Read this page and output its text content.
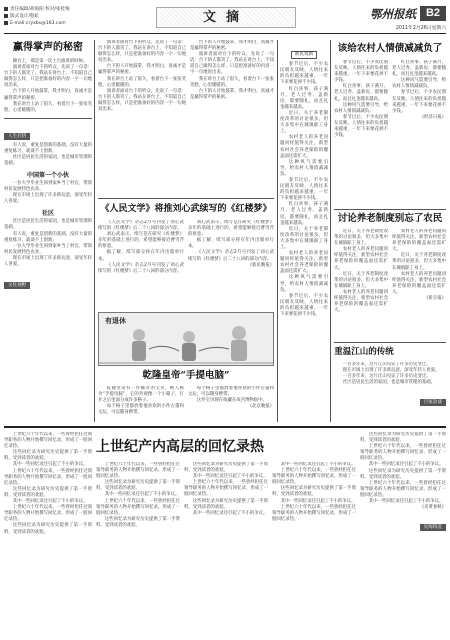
责任编辑/胡海阳 校对/张桂梅
版式设计/殷虹
E-mail:cryxbs@163.com	文摘	鄂州报纸 B2
2011年2月26日星期六
赢得掌声的秘密

舞台上，那是第一次上台演讲的时候。

演讲者面对台下的听众，先说了一句话：台下的人都笑了。我站在讲台上，不知道自己做得怎么样，只是把准备好的内容一字一句地说出来。

台下的人开始鼓掌，我才明白，真诚才是赢得掌声的秘密。

我在讲台上站了很久，看着台下一张张笑脸，心里暖暖的。

人生启悟

有人说，重复是创新的基础，没有大量的重复练习，就谈不上创新。

社区是居民生活的家园，也是城市管理的基础。

中国第一个小伙

一位大学毕业生回到家乡当了村官，带领村民发展特色农业。

现在市场上出现了许多新玩意，深受年轻人喜爱。

社区

社区是居民生活的家园，也是城市管理的基础。

有人说，重复是创新的基础，没有大量的重复练习，就谈不上创新。

一位大学毕业生回到家乡当了村官，带领村民发展特色农业。

现在市场上出现了许多新玩意，深受年轻人喜爱。

文化视野

演讲者面对台下的听众，先说了一句话：台下的人都笑了。我站在讲台上，不知道自己做得怎么样，只是把准备好的内容一字一句地说出来。

台下的人开始鼓掌，我才明白，真诚才是赢得掌声的秘密。

我在讲台上站了很久，看着台下一张张笑脸，心里暖暖的。

演讲者面对台下的听众，先说了一句话：台下的人都笑了。我站在讲台上，不知道自己做得怎么样，只是把准备好的内容一字一句地说出来。

台下的人开始鼓掌，我才明白，真诚才是赢得掌声的秘密。

演讲者面对台下的听众，先说了一句话：台下的人都笑了。我站在讲台上，不知道自己做得怎么样，只是把准备好的内容一字一句地说出来。

我在讲台上站了很久，看着台下一张张笑脸，心里暖暖的。

台下的人开始鼓掌，我才明白，真诚才是赢得掌声的秘密。

《人民文学》将推刘心武续写的《红楼梦》

《人民文学》杂志2月号刊发了刘心武续写的《红楼梦》后二十八回的部分内容。

刘心武表示，续写是在研究《红楼梦》多年的基础上进行的，希望能够接近曹雪芹的原意。

据了解，续写部分将在年内出版单行本。

《人民文学》杂志2月号刊发了刘心武续写的《红楼梦》后二十八回的部分内容。

刘心武表示，续写是在研究《红楼梦》多年的基础上进行的，希望能够接近曹雪芹的原意。

据了解，续写部分将在年内出版单行本。

《人民文学》杂志2月号刊发了刘心武续写的《红楼梦》后二十八回的部分内容。

《新民晚报》

有退休
乾隆皇帝“手提电脑”

乾隆皇帝有一件稀奇的宝贝，被人称为“手提电脑”，它的外观像一个小箱子，打开之后里面分成许多格子。

每个格子里都放着他喜欢的小件古董和文玩，可以随身携带。

每个格子里都放着他喜欢的小件古董和文玩，可以随身携带。

这件宝贝现在收藏在故宫博物院中。

《北京晚报》

新民说新

春节过后，不少农民朋友反映，人情往来的负担越来越重，一年下来要花掉不少钱。

红白喜事、孩子满月、老人过寿、盖新房，都要随礼，而且礼金越来越高。

近日，关于养老制度改革的讨论很多，但大多集中在城镇职工身上。

农村老人的养老问题同样值得关注，新型农村社会养老保险的覆盖面还需扩大。

这种风气需要引导，给农村人情债减减负。

春节过后，不少农民朋友反映，人情往来的负担越来越重，一年下来要花掉不少钱。

红白喜事、孩子满月、老人过寿、盖新房，都要随礼，而且礼金越来越高。

近日，关于养老制度改革的讨论很多，但大多集中在城镇职工身上。

农村老人的养老问题同样值得关注，新型农村社会养老保险的覆盖面还需扩大。

这种风气需要引导，给农村人情债减减负。

春节过后，不少农民朋友反映，人情往来的负担越来越重，一年下来要花掉不少钱。

该给农村人情债减减负了

春节过后，不少农民朋友反映，人情往来的负担越来越重，一年下来要花掉不少钱。

红白喜事、孩子满月、老人过寿、盖新房，都要随礼，而且礼金越来越高。

这种风气需要引导，给农村人情债减减负。

春节过后，不少农民朋友反映，人情往来的负担越来越重，一年下来要花掉不少钱。

红白喜事、孩子满月、老人过寿、盖新房，都要随礼，而且礼金越来越高。

这种风气需要引导，给农村人情债减减负。

春节过后，不少农民朋友反映，人情往来的负担越来越重，一年下来要花掉不少钱。

《经济日报》

讨论养老制度别忘了农民

近日，关于养老制度改革的讨论很多，但大多集中在城镇职工身上。

农村老人的养老问题同样值得关注，新型农村社会养老保险的覆盖面还需扩大。

近日，关于养老制度改革的讨论很多，但大多集中在城镇职工身上。

农村老人的养老问题同样值得关注，新型农村社会养老保险的覆盖面还需扩大。

农村老人的养老问题同样值得关注，新型农村社会养老保险的覆盖面还需扩大。

近日，关于养老制度改革的讨论很多，但大多集中在城镇职工身上。

农村老人的养老问题同样值得关注，新型农村社会养老保险的覆盖面还需扩大。

《新京报》

重温江山的传统

一百多年来，这片江山见证了许多历史变迁。

现在市场上出现了许多新玩意，深受年轻人喜爱。

一百多年来，这片江山见证了许多历史变迁。

社区是居民生活的家园，也是城市管理的基础。

百家杂谈

上世纪六十年代以来，一些曾经担任过领导职务的人物开始撰写回忆录，形成了一股回忆录热。

这些回忆录为研究历史提供了第一手资料，受到读者的欢迎。

其中一些回忆录还引起了不小的争议。

上世纪六十年代以来，一些曾经担任过领导职务的人物开始撰写回忆录，形成了一股回忆录热。

这些回忆录为研究历史提供了第一手资料，受到读者的欢迎。

其中一些回忆录还引起了不小的争议。

上世纪六十年代以来，一些曾经担任过领导职务的人物开始撰写回忆录，形成了一股回忆录热。

这些回忆录为研究历史提供了第一手资料，受到读者的欢迎。

上世纪产内高层的回忆录热

上世纪六十年代以来，一些曾经担任过领导职务的人物开始撰写回忆录，形成了一股回忆录热。

这些回忆录为研究历史提供了第一手资料，受到读者的欢迎。

其中一些回忆录还引起了不小的争议。

上世纪六十年代以来，一些曾经担任过领导职务的人物开始撰写回忆录，形成了一股回忆录热。

这些回忆录为研究历史提供了第一手资料，受到读者的欢迎。

这些回忆录为研究历史提供了第一手资料，受到读者的欢迎。

其中一些回忆录还引起了不小的争议。

上世纪六十年代以来，一些曾经担任过领导职务的人物开始撰写回忆录，形成了一股回忆录热。

这些回忆录为研究历史提供了第一手资料，受到读者的欢迎。

其中一些回忆录还引起了不小的争议。

其中一些回忆录还引起了不小的争议。

上世纪六十年代以来，一些曾经担任过领导职务的人物开始撰写回忆录，形成了一股回忆录热。

这些回忆录为研究历史提供了第一手资料，受到读者的欢迎。

其中一些回忆录还引起了不小的争议。

上世纪六十年代以来，一些曾经担任过领导职务的人物开始撰写回忆录，形成了一股回忆录热。

这些回忆录为研究历史提供了第一手资料，受到读者的欢迎。

上世纪六十年代以来，一些曾经担任过领导职务的人物开始撰写回忆录，形成了一股回忆录热。

其中一些回忆录还引起了不小的争议。

这些回忆录为研究历史提供了第一手资料，受到读者的欢迎。

上世纪六十年代以来，一些曾经担任过领导职务的人物开始撰写回忆录，形成了一股回忆录热。

其中一些回忆录还引起了不小的争议。

《炎黄春秋》

史海钩沉
